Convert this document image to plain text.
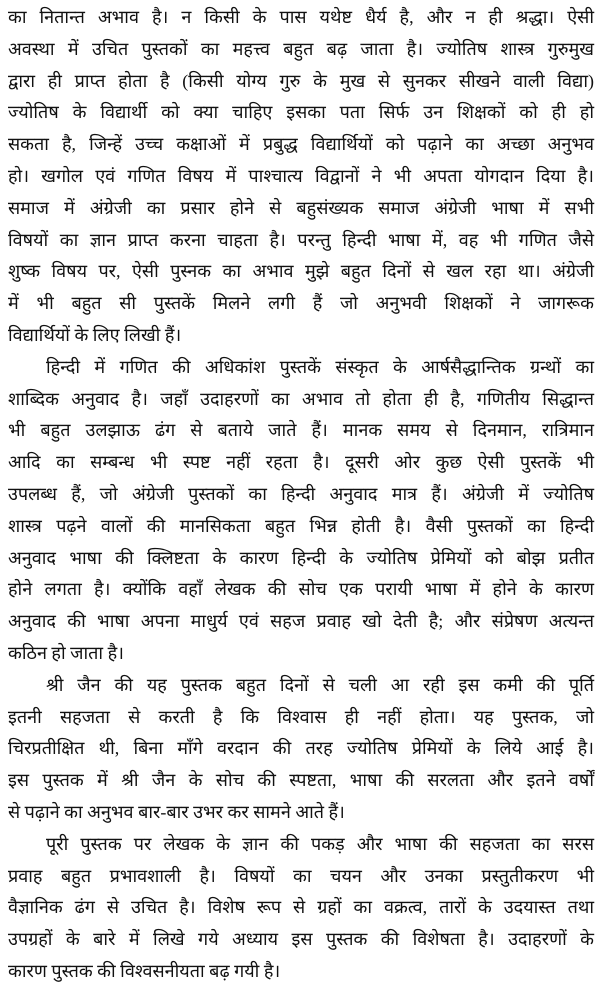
का नितान्त अभाव है। न किसी के पास यथेष्ट धैर्य है, और न ही श्रद्धा। ऐसी
अवस्था में उचित पुस्तकों का महत्त्व बहुत बढ़ जाता है। ज्योतिष शास्त्र गुरुमुख
द्वारा ही प्राप्त होता है (किसी योग्य गुरु के मुख से सुनकर सीखने वाली विद्या)
ज्योतिष के विद्यार्थी को क्या चाहिए इसका पता सिर्फ उन शिक्षकों को ही हो
सकता है, जिन्हें उच्च कक्षाओं में प्रबुद्ध विद्यार्थियों को पढ़ाने का अच्छा अनुभव
हो। खगोल एवं गणित विषय में पाश्चात्य विद्वानों ने भी अपता योगदान दिया है।
समाज में अंग्रेजी का प्रसार होने से बहुसंख्यक समाज अंग्रेजी भाषा में सभी
विषयों का ज्ञान प्राप्त करना चाहता है। परन्तु हिन्दी भाषा में, वह भी गणित जैसे
शुष्क विषय पर, ऐसी पुस्नक का अभाव मुझे बहुत दिनों से खल रहा था। अंग्रेजी
में भी बहुत सी पुस्तकें मिलने लगी हैं जो अनुभवी शिक्षकों ने जागरूक
विद्यार्थियों के लिए लिखी हैं।
हिन्दी में गणित की अधिकांश पुस्तकें संस्कृत के आर्षसैद्धान्तिक ग्रन्थों का
शाब्दिक अनुवाद है। जहाँ उदाहरणों का अभाव तो होता ही है, गणितीय सिद्धान्त
भी बहुत उलझाऊ ढंग से बताये जाते हैं। मानक समय से दिनमान, रात्रिमान
आदि का सम्बन्ध भी स्पष्ट नहीं रहता है। दूसरी ओर कुछ ऐसी पुस्तकें भी
उपलब्ध हैं, जो अंग्रेजी पुस्तकों का हिन्दी अनुवाद मात्र हैं। अंग्रेजी में ज्योतिष
शास्त्र पढ़ने वालों की मानसिकता बहुत भिन्न होती है। वैसी पुस्तकों का हिन्दी
अनुवाद भाषा की क्लिष्टता के कारण हिन्दी के ज्योतिष प्रेमियों को बोझ प्रतीत
होने लगता है। क्योंकि वहाँ लेखक की सोच एक परायी भाषा में होने के कारण
अनुवाद की भाषा अपना माधुर्य एवं सहज प्रवाह खो देती है; और संप्रेषण अत्यन्त
कठिन हो जाता है।
श्री जैन की यह पुस्तक बहुत दिनों से चली आ रही इस कमी की पूर्ति
इतनी सहजता से करती है कि विश्वास ही नहीं होता। यह पुस्तक, जो
चिरप्रतीक्षित थी, बिना माँगे वरदान की तरह ज्योतिष प्रेमियों के लिये आई है।
इस पुस्तक में श्री जैन के सोच की स्पष्टता, भाषा की सरलता और इतने वर्षों
से पढ़ाने का अनुभव बार-बार उभर कर सामने आते हैं।
पूरी पुस्तक पर लेखक के ज्ञान की पकड़ और भाषा की सहजता का सरस
प्रवाह बहुत प्रभावशाली है। विषयों का चयन और उनका प्रस्तुतीकरण भी
वैज्ञानिक ढंग से उचित है। विशेष रूप से ग्रहों का वक्रत्व, तारों के उदयास्त तथा
उपग्रहों के बारे में लिखे गये अध्याय इस पुस्तक की विशेषता है। उदाहरणों के
कारण पुस्तक की विश्वसनीयता बढ़ गयी है।
